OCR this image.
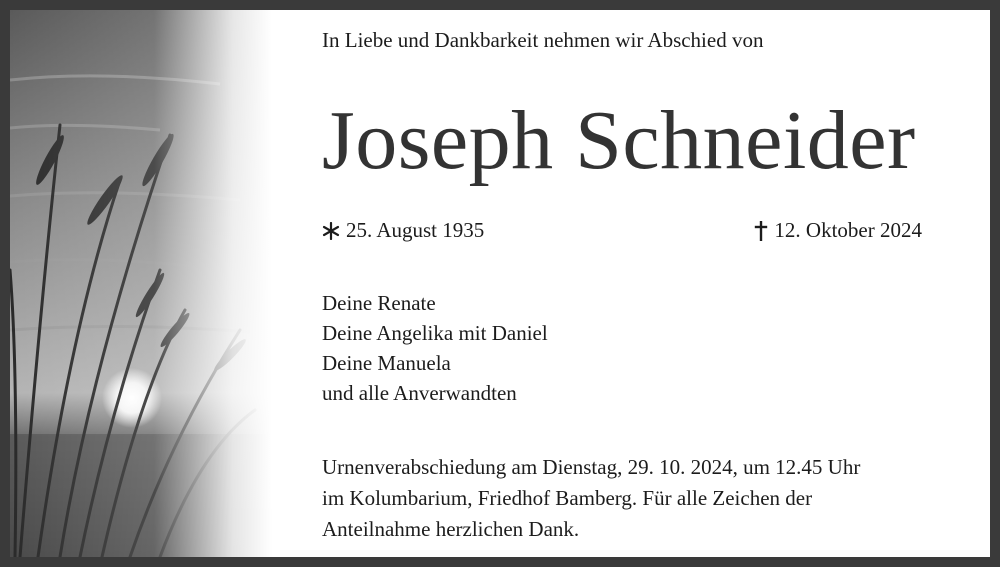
In Liebe und Dankbarkeit nehmen wir Abschied von
Joseph Schneider
25. August 1935	12. Oktober 2024
Deine Renate
Deine Angelika mit Daniel
Deine Manuela
und alle Anverwandten
Urnenverabschiedung am Dienstag, 29. 10. 2024, um 12.45 Uhr
im Kolumbarium, Friedhof Bamberg. Für alle Zeichen der
Anteilnahme herzlichen Dank.
